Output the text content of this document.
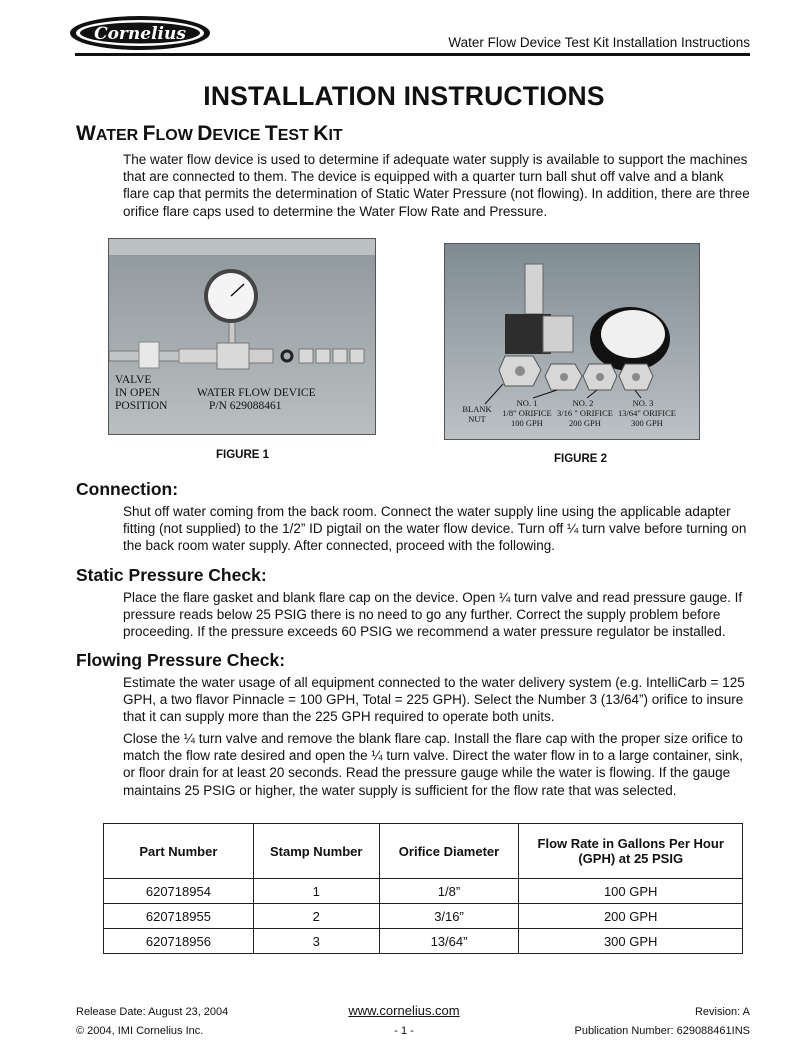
Cornelius	Water Flow Device Test Kit Installation Instructions
INSTALLATION INSTRUCTIONS
WATER FLOW DEVICE TEST KIT
The water flow device is used to determine if adequate water supply is available to support the machines that are connected to them. The device is equipped with a quarter turn ball shut off valve and a blank flare cap that permits the determination of Static Water Pressure (not flowing). In addition, there are three orifice flare caps used to determine the Water Flow Rate and Pressure.
VALVE
IN OPEN
POSITION
WATER FLOW DEVICE
P/N 629088461
FIGURE 1
BLANK
NUT
NO. 1
1/8" ORIFICE
100 GPH
NO. 2
3/16 " ORIFICE
200 GPH
NO. 3
13/64" ORIFICE
300 GPH
FIGURE 2
Connection:
Shut off water coming from the back room. Connect the water supply line using the applicable adapter fitting (not supplied) to the 1/2” ID pigtail on the water flow device. Turn off ¼ turn valve before turning on the back room water supply. After connected, proceed with the following.
Static Pressure Check:
Place the flare gasket and blank flare cap on the device. Open ¼ turn valve and read pressure gauge. If pressure reads below 25 PSIG there is no need to go any further. Correct the supply problem before proceeding. If the pressure exceeds 60 PSIG we recommend a water pressure regulator be installed.
Flowing Pressure Check:
Estimate the water usage of all equipment connected to the water delivery system (e.g. IntelliCarb = 125 GPH, a two flavor Pinnacle = 100 GPH, Total = 225 GPH). Select the Number 3 (13/64”) orifice to insure that it can supply more than the 225 GPH required to operate both units.
Close the ¼ turn valve and remove the blank flare cap. Install the flare cap with the proper size orifice to match the flow rate desired and open the ¼ turn valve. Direct the water flow in to a large container, sink, or floor drain for at least 20 seconds. Read the pressure gauge while the water is flowing. If the gauge maintains 25 PSIG or higher, the water supply is sufficient for the flow rate that was selected.
Part Number	Stamp Number	Orifice Diameter	Flow Rate in Gallons Per Hour (GPH) at 25 PSIG
620718954	1	1/8”	100 GPH
620718955	2	3/16”	200 GPH
620718956	3	13/64”	300 GPH
Release Date: August 23, 2004	www.cornelius.com	Revision: A
© 2004, IMI Cornelius Inc.	- 1 -	Publication Number: 629088461INS
